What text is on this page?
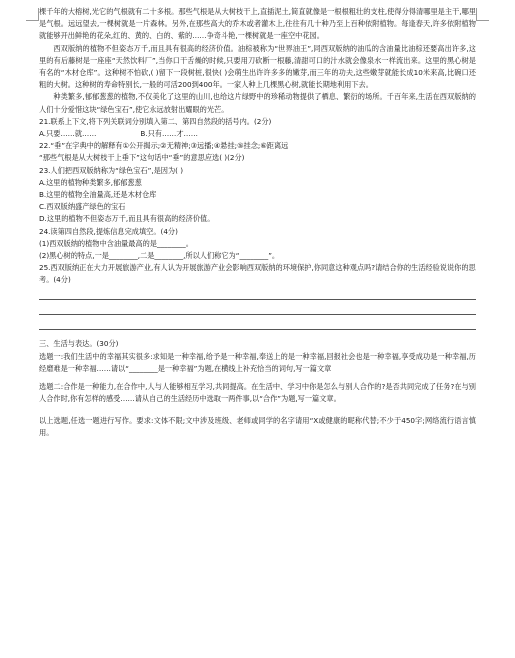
棵千年的大榕树,光它的气根就有二十多根。那些气根是从大树枝干上,直插泥土,简直就像是一根根粗壮的支柱,使得分得清哪里是主干,哪里是气根。远远望去,一棵树就是一片森林。另外,在那些高大的乔木或者灌木上,往往有几十种乃至上百种依附植物。每逢春天,许多依附植物就能够开出鲜艳的花朵,红的、黄的、白的、紫的……争奇斗艳,一棵树就是一座空中花园。

西双版纳的植物不但姿态万千,而且具有很高的经济价值。油棕被称为“世界油王”,同西双版纳的油瓜的含油量比油棕还要高出许多,这里的有后藤树是一座座“天然饮料厂”,当你口干舌燥的时候,只要用刀砍断一根藤,清甜可口的汁水就会像泉水一样流出来。这里的黑心树是有名的“木材仓库”。这种树不怕砍,( )留下一段树桩,很快( )会萌生出许许多多的嫩芽,而三年的功夫,这些嫩芽就能长成10米来高,比碗口还粗的大树。这种树的寿命特别长,一般的可活200到400年。一家人种上几棵黑心树,就能长期地利用下去。

种类繁多,郁郁葱葱的植物,不仅美化了这里的山川,也给这片绿野中的珍稀动物提供了栖息、繁衍的场所。千百年来,生活在西双版纳的人们十分爱惜这块“绿色宝石”,使它永远放射出耀眼的光芒。

21.联系上下文,将下列关联词分别填入第二、第四自然段的括号内。(2分)

A.只要……就……	B.只有……才……

22.“垂”在字典中的解释有①公开揭示;②无精神;③远播;④悬挂;⑤挂念;⑥距离远

“那些气根是从大树枝干上垂下”这句话中“垂”的意思应选( )(2分)

23.人们把西双版纳称为“绿色宝石”,是因为( )

A.这里的植物种类繁多,郁郁葱葱

B.这里的植物全油量高,还是木材仓库

C.西双版纳盛产绿色的宝石

D.这里的植物不但姿态万千,而且具有很高的经济价值。

24.读第四自然段,提炼信息完成填空。(4分)

(1)西双版纳的植物中含油量最高的是________。

(2)黑心树的特点,一是________,二是________,所以人们称它为“________”。

25.西双版纳正在大力开展旅游产业,有人认为开展旅游产业会影响西双版纳的环境保护,你同意这种观点吗?请结合你的生活经验说说你的思考。(4分)

三、生活与表达。(30分)

选题一:我们生活中的幸福其实很多:求知是一种幸福,给予是一种幸福,奉送上的是一种幸福,回报社会也是一种幸福,享受成功是一种幸福,历经磨难是一种幸福……请以“________是一种幸福”为题,在横线上补充恰当的词句,写一篇文章

选题二:合作是一种能力,在合作中,人与人能够相互学习,共同提高。在生活中、学习中你是怎么与别人合作的?是否共同完成了任务?在与别人合作时,你有怎样的感受……请从自己的生活经历中选取一两件事,以“合作”为题,写一篇文章。

以上选题,任选一题进行写作。要求:文体不限;文中涉及班级、老师或同学的名字请用“X或健康的昵称代替;不少于450字;网络流行语言慎用。
